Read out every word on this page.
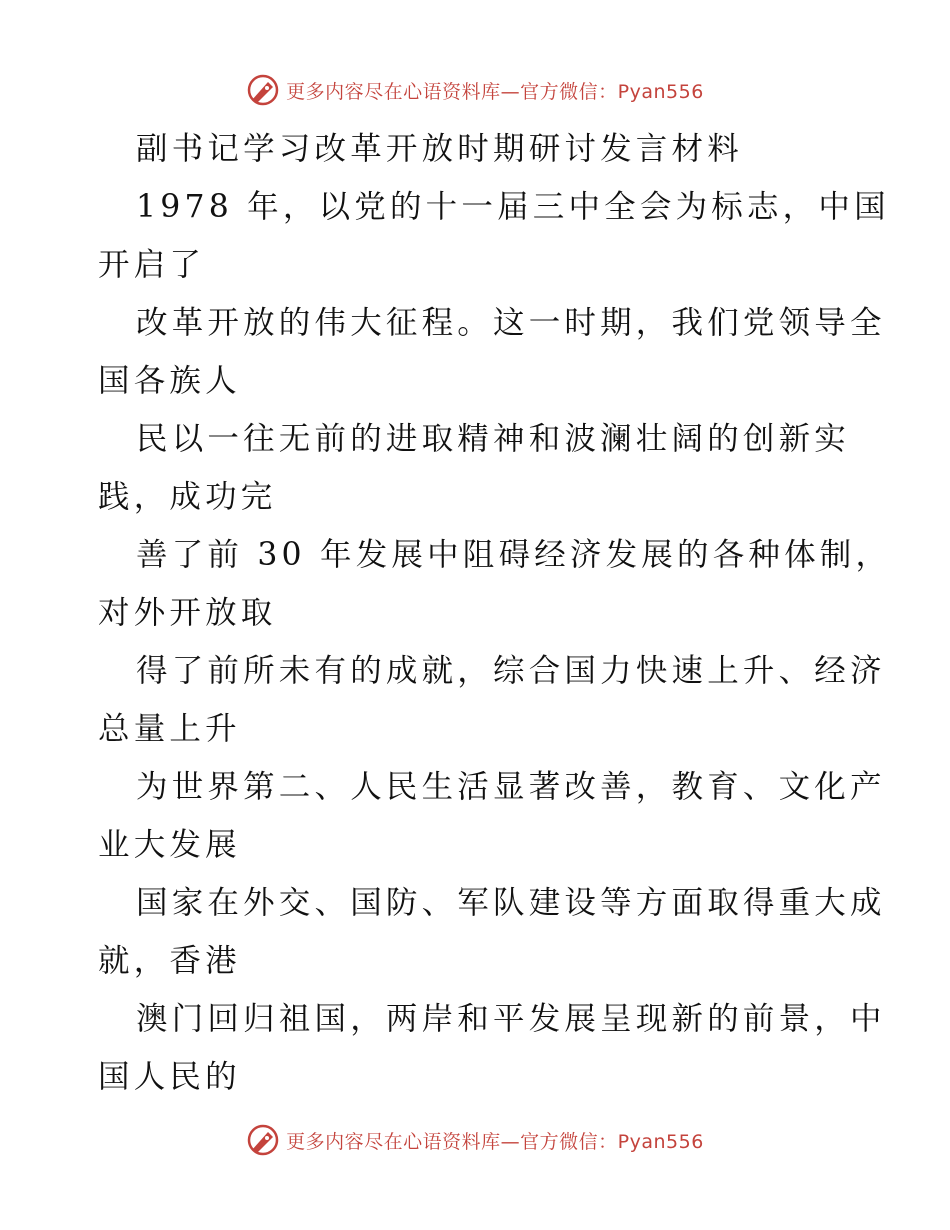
更多内容尽在心语资料库—官方微信：Pyan556
副书记学习改革开放时期研讨发言材料
1978 年，以党的十一届三中全会为标志，中国
开启了
改革开放的伟大征程。这一时期，我们党领导全
国各族人
民以一往无前的进取精神和波澜壮阔的创新实
践，成功完
善了前 30 年发展中阻碍经济发展的各种体制，
对外开放取
得了前所未有的成就，综合国力快速上升、经济
总量上升
为世界第二、人民生活显著改善，教育、文化产
业大发展
国家在外交、国防、军队建设等方面取得重大成
就，香港
澳门回归祖国，两岸和平发展呈现新的前景，中
国人民的
更多内容尽在心语资料库—官方微信：Pyan556
